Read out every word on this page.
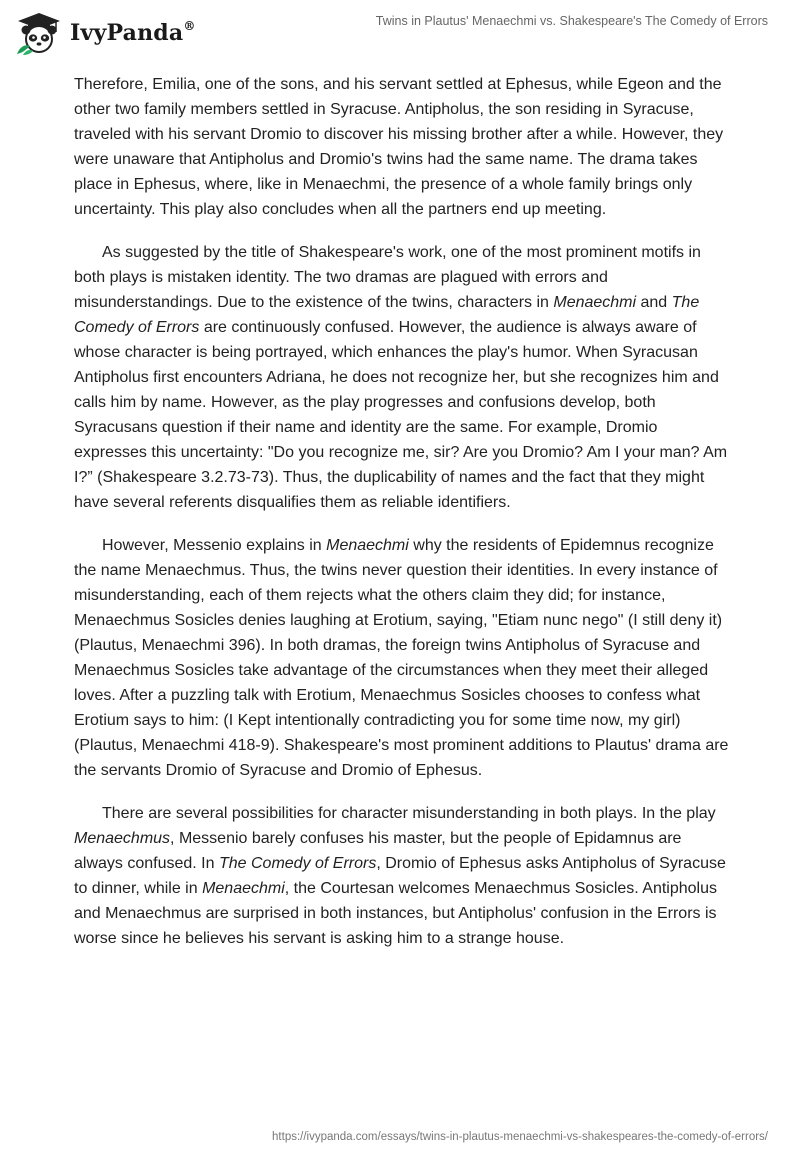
IvyPanda®	Twins in Plautus' Menaechmi vs. Shakespeare's The Comedy of Errors

Therefore, Emilia, one of the sons, and his servant settled at Ephesus, while Egeon and the other two family members settled in Syracuse. Antipholus, the son residing in Syracuse, traveled with his servant Dromio to discover his missing brother after a while. However, they were unaware that Antipholus and Dromio's twins had the same name. The drama takes place in Ephesus, where, like in Menaechmi, the presence of a whole family brings only uncertainty. This play also concludes when all the partners end up meeting.

As suggested by the title of Shakespeare's work, one of the most prominent motifs in both plays is mistaken identity. The two dramas are plagued with errors and misunderstandings. Due to the existence of the twins, characters in Menaechmi and The Comedy of Errors are continuously confused. However, the audience is always aware of whose character is being portrayed, which enhances the play's humor. When Syracusan Antipholus first encounters Adriana, he does not recognize her, but she recognizes him and calls him by name. However, as the play progresses and confusions develop, both Syracusans question if their name and identity are the same. For example, Dromio expresses this uncertainty: "Do you recognize me, sir? Are you Dromio? Am I your man? Am I?” (Shakespeare 3.2.73-73). Thus, the duplicability of names and the fact that they might have several referents disqualifies them as reliable identifiers.

However, Messenio explains in Menaechmi why the residents of Epidemnus recognize the name Menaechmus. Thus, the twins never question their identities. In every instance of misunderstanding, each of them rejects what the others claim they did; for instance, Menaechmus Sosicles denies laughing at Erotium, saying, "Etiam nunc nego" (I still deny it) (Plautus, Menaechmi 396). In both dramas, the foreign twins Antipholus of Syracuse and Menaechmus Sosicles take advantage of the circumstances when they meet their alleged loves. After a puzzling talk with Erotium, Menaechmus Sosicles chooses to confess what Erotium says to him: (I Kept intentionally contradicting you for some time now, my girl) (Plautus, Menaechmi 418-9). Shakespeare's most prominent additions to Plautus' drama are the servants Dromio of Syracuse and Dromio of Ephesus.

There are several possibilities for character misunderstanding in both plays. In the play Menaechmus, Messenio barely confuses his master, but the people of Epidamnus are always confused. In The Comedy of Errors, Dromio of Ephesus asks Antipholus of Syracuse to dinner, while in Menaechmi, the Courtesan welcomes Menaechmus Sosicles. Antipholus and Menaechmus are surprised in both instances, but Antipholus' confusion in the Errors is worse since he believes his servant is asking him to a strange house.

https://ivypanda.com/essays/twins-in-plautus-menaechmi-vs-shakespeares-the-comedy-of-errors/
